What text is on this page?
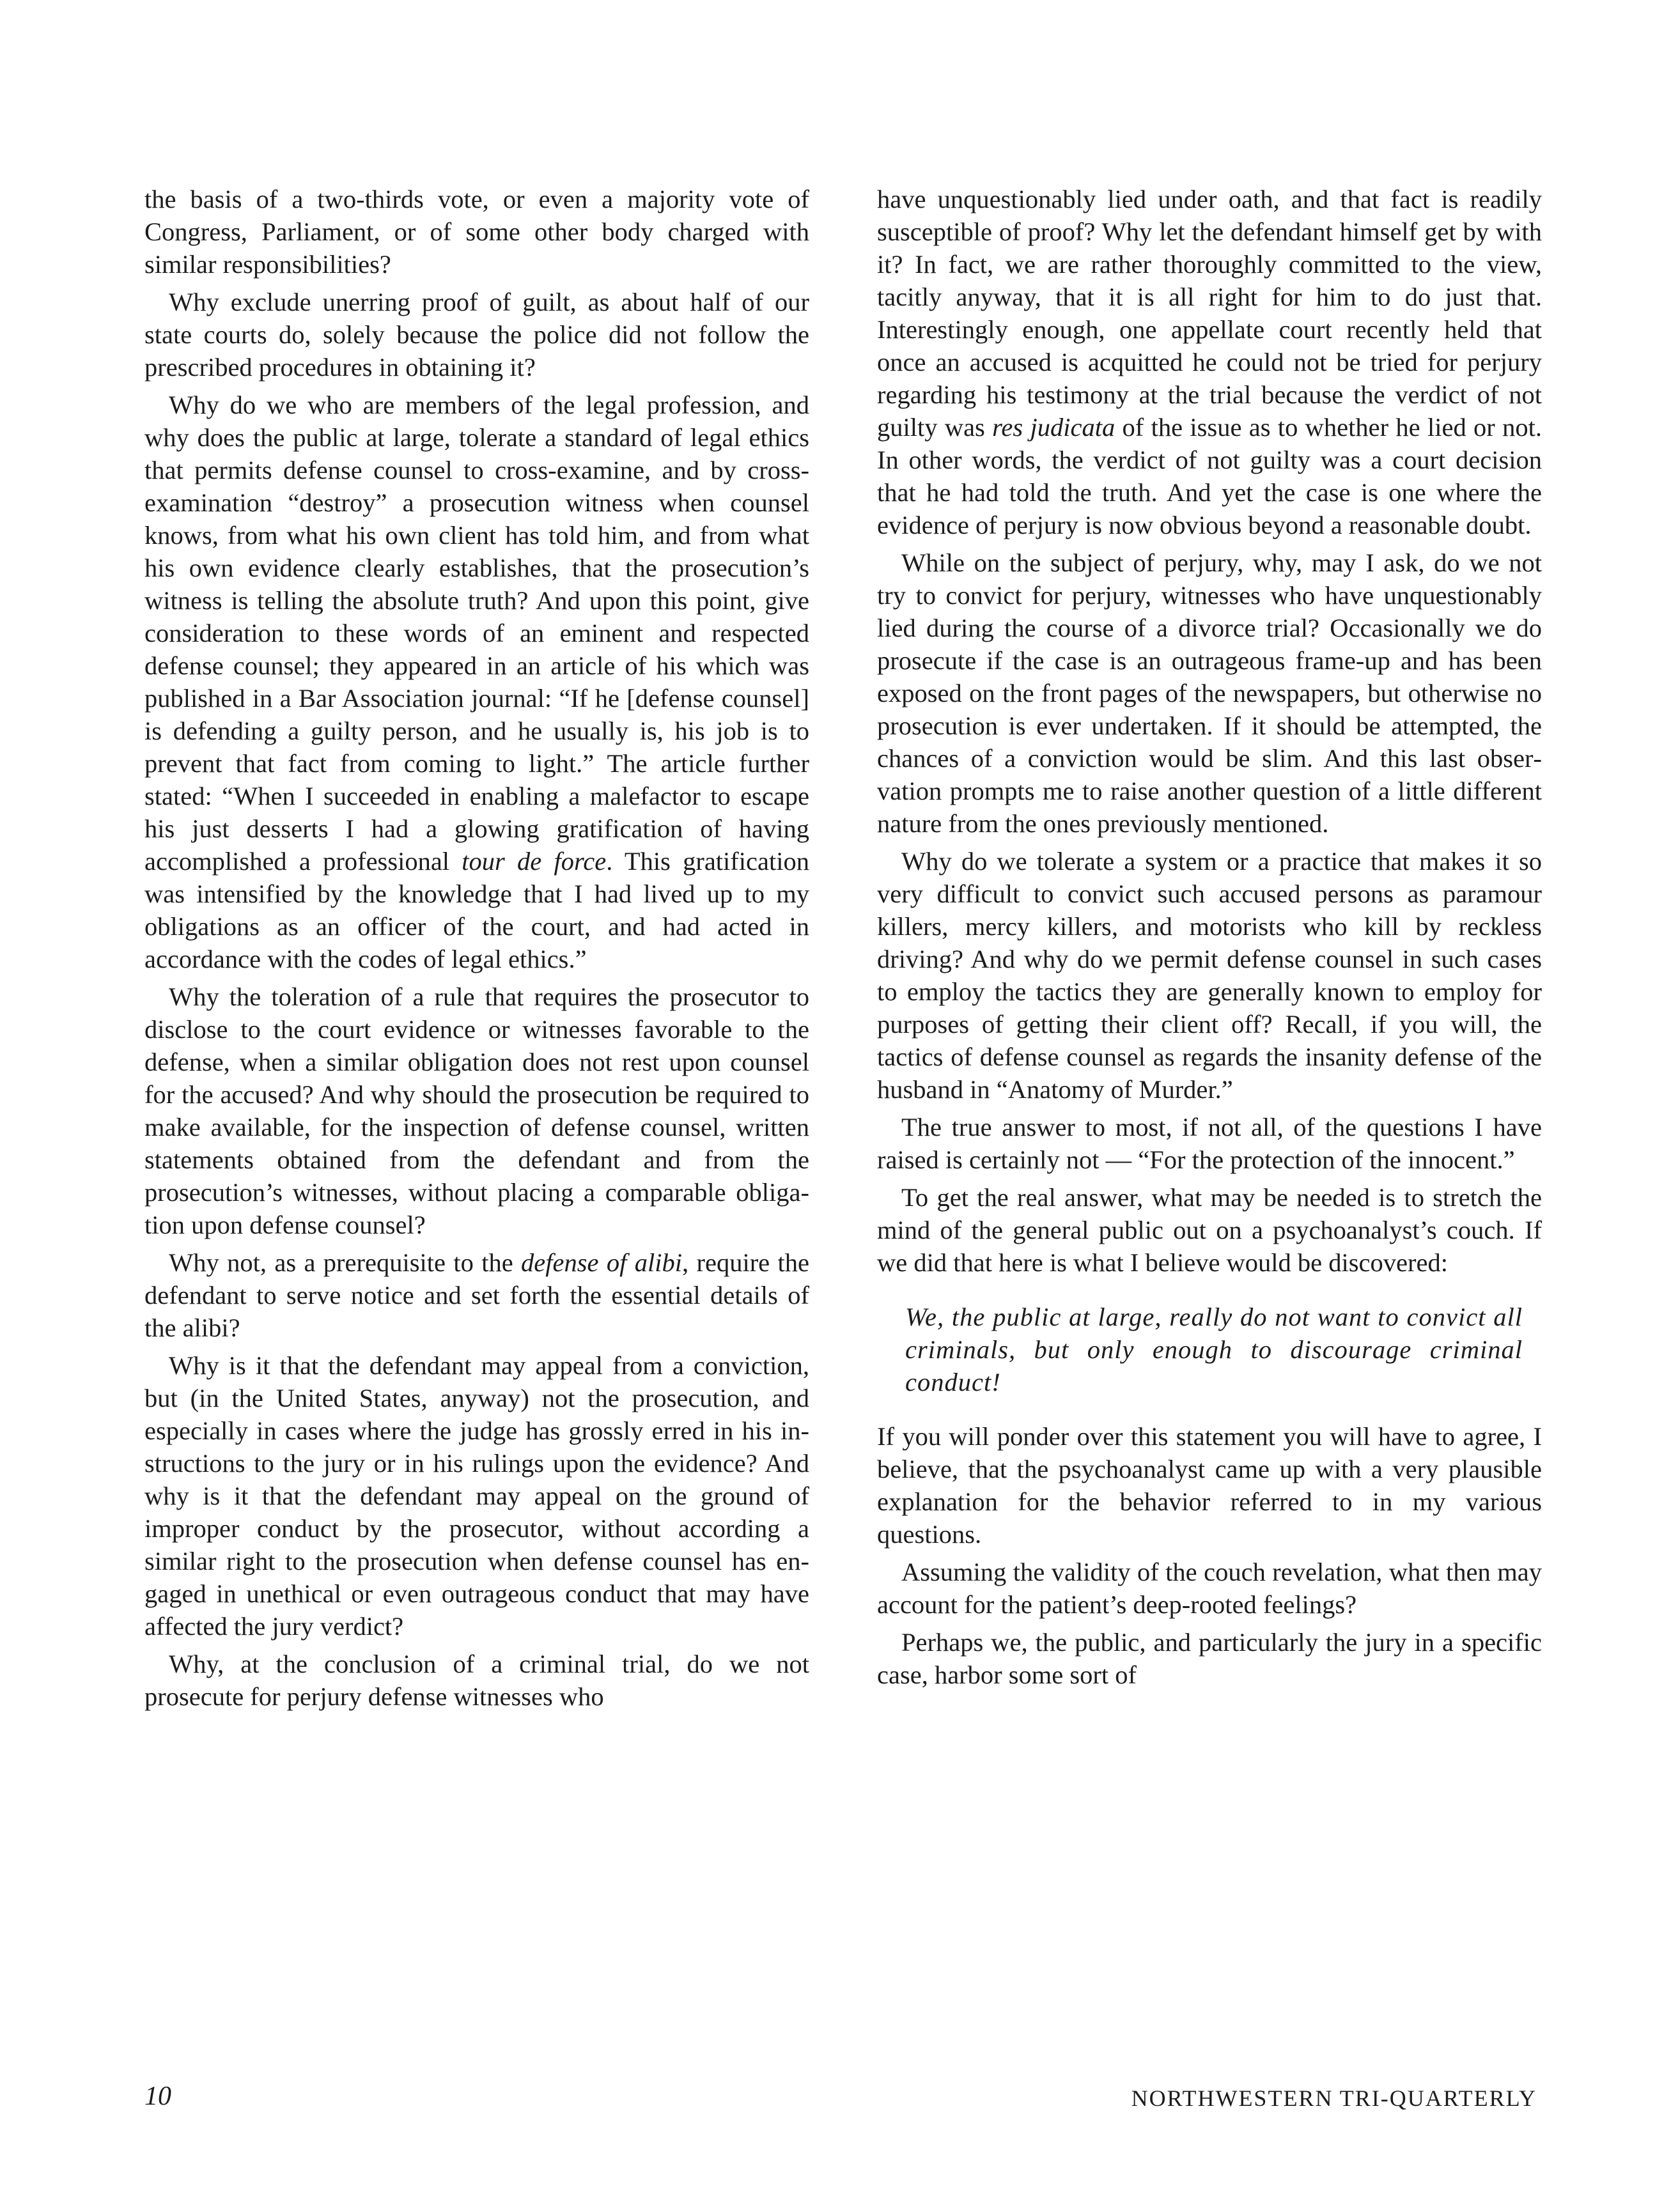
the basis of a two-thirds vote, or even a majority vote of Congress, Parliament, or of some other body charged with similar responsibilities?

Why exclude unerring proof of guilt, as about half of our state courts do, solely because the police did not follow the prescribed procedures in obtaining it?

Why do we who are members of the legal profession, and why does the public at large, tolerate a standard of legal ethics that permits defense counsel to cross-examine, and by cross-examination “destroy” a prosecution witness when counsel knows, from what his own client has told him, and from what his own evidence clearly establishes, that the prosecution’s witness is telling the absolute truth? And upon this point, give consideration to these words of an eminent and respected defense counsel; they appeared in an article of his which was published in a Bar Association journal: “If he [defense counsel] is defending a guilty person, and he usually is, his job is to prevent that fact from coming to light.” The article further stated: “When I succeeded in enabling a malefactor to escape his just desserts I had a glowing gratification of having accomplished a professional tour de force. This gratification was intensified by the knowledge that I had lived up to my obligations as an officer of the court, and had acted in accordance with the codes of legal ethics.”

Why the toleration of a rule that requires the prosecutor to disclose to the court evidence or witnesses favorable to the defense, when a similar obligation does not rest upon counsel for the accused? And why should the prosecution be required to make available, for the inspection of defense counsel, written statements obtained from the defendant and from the prosecution’s witnesses, without placing a comparable obligation upon defense counsel?

Why not, as a prerequisite to the defense of alibi, require the defendant to serve notice and set forth the essential details of the alibi?

Why is it that the defendant may appeal from a conviction, but (in the United States, anyway) not the prosecution, and especially in cases where the judge has grossly erred in his instructions to the jury or in his rulings upon the evidence? And why is it that the defendant may appeal on the ground of improper conduct by the prosecutor, without according a similar right to the prosecution when defense counsel has engaged in unethical or even outrageous conduct that may have affected the jury verdict?

Why, at the conclusion of a criminal trial, do we not prosecute for perjury defense witnesses who

have unquestionably lied under oath, and that fact is readily susceptible of proof? Why let the defendant himself get by with it? In fact, we are rather thoroughly committed to the view, tacitly anyway, that it is all right for him to do just that. Interestingly enough, one appellate court recently held that once an accused is acquitted he could not be tried for perjury regarding his testimony at the trial because the verdict of not guilty was res judicata of the issue as to whether he lied or not. In other words, the verdict of not guilty was a court decision that he had told the truth. And yet the case is one where the evidence of perjury is now obvious beyond a reasonable doubt.

While on the subject of perjury, why, may I ask, do we not try to convict for perjury, witnesses who have unquestionably lied during the course of a divorce trial? Occasionally we do prosecute if the case is an outrageous frame-up and has been exposed on the front pages of the newspapers, but otherwise no prosecution is ever undertaken. If it should be attempted, the chances of a conviction would be slim. And this last observation prompts me to raise another question of a little different nature from the ones previously mentioned.

Why do we tolerate a system or a practice that makes it so very difficult to convict such accused persons as paramour killers, mercy killers, and motorists who kill by reckless driving? And why do we permit defense counsel in such cases to employ the tactics they are generally known to employ for purposes of getting their client off? Recall, if you will, the tactics of defense counsel as regards the insanity defense of the husband in “Anatomy of Murder.”

The true answer to most, if not all, of the questions I have raised is certainly not — “For the protection of the innocent.”

To get the real answer, what may be needed is to stretch the mind of the general public out on a psychoanalyst’s couch. If we did that here is what I believe would be discovered:

We, the public at large, really do not want to convict all criminals, but only enough to discourage criminal conduct!

If you will ponder over this statement you will have to agree, I believe, that the psychoanalyst came up with a very plausible explanation for the behavior referred to in my various questions.

Assuming the validity of the couch revelation, what then may account for the patient’s deep-rooted feelings?

Perhaps we, the public, and particularly the jury in a specific case, harbor some sort of

10	NORTHWESTERN TRI-QUARTERLY
